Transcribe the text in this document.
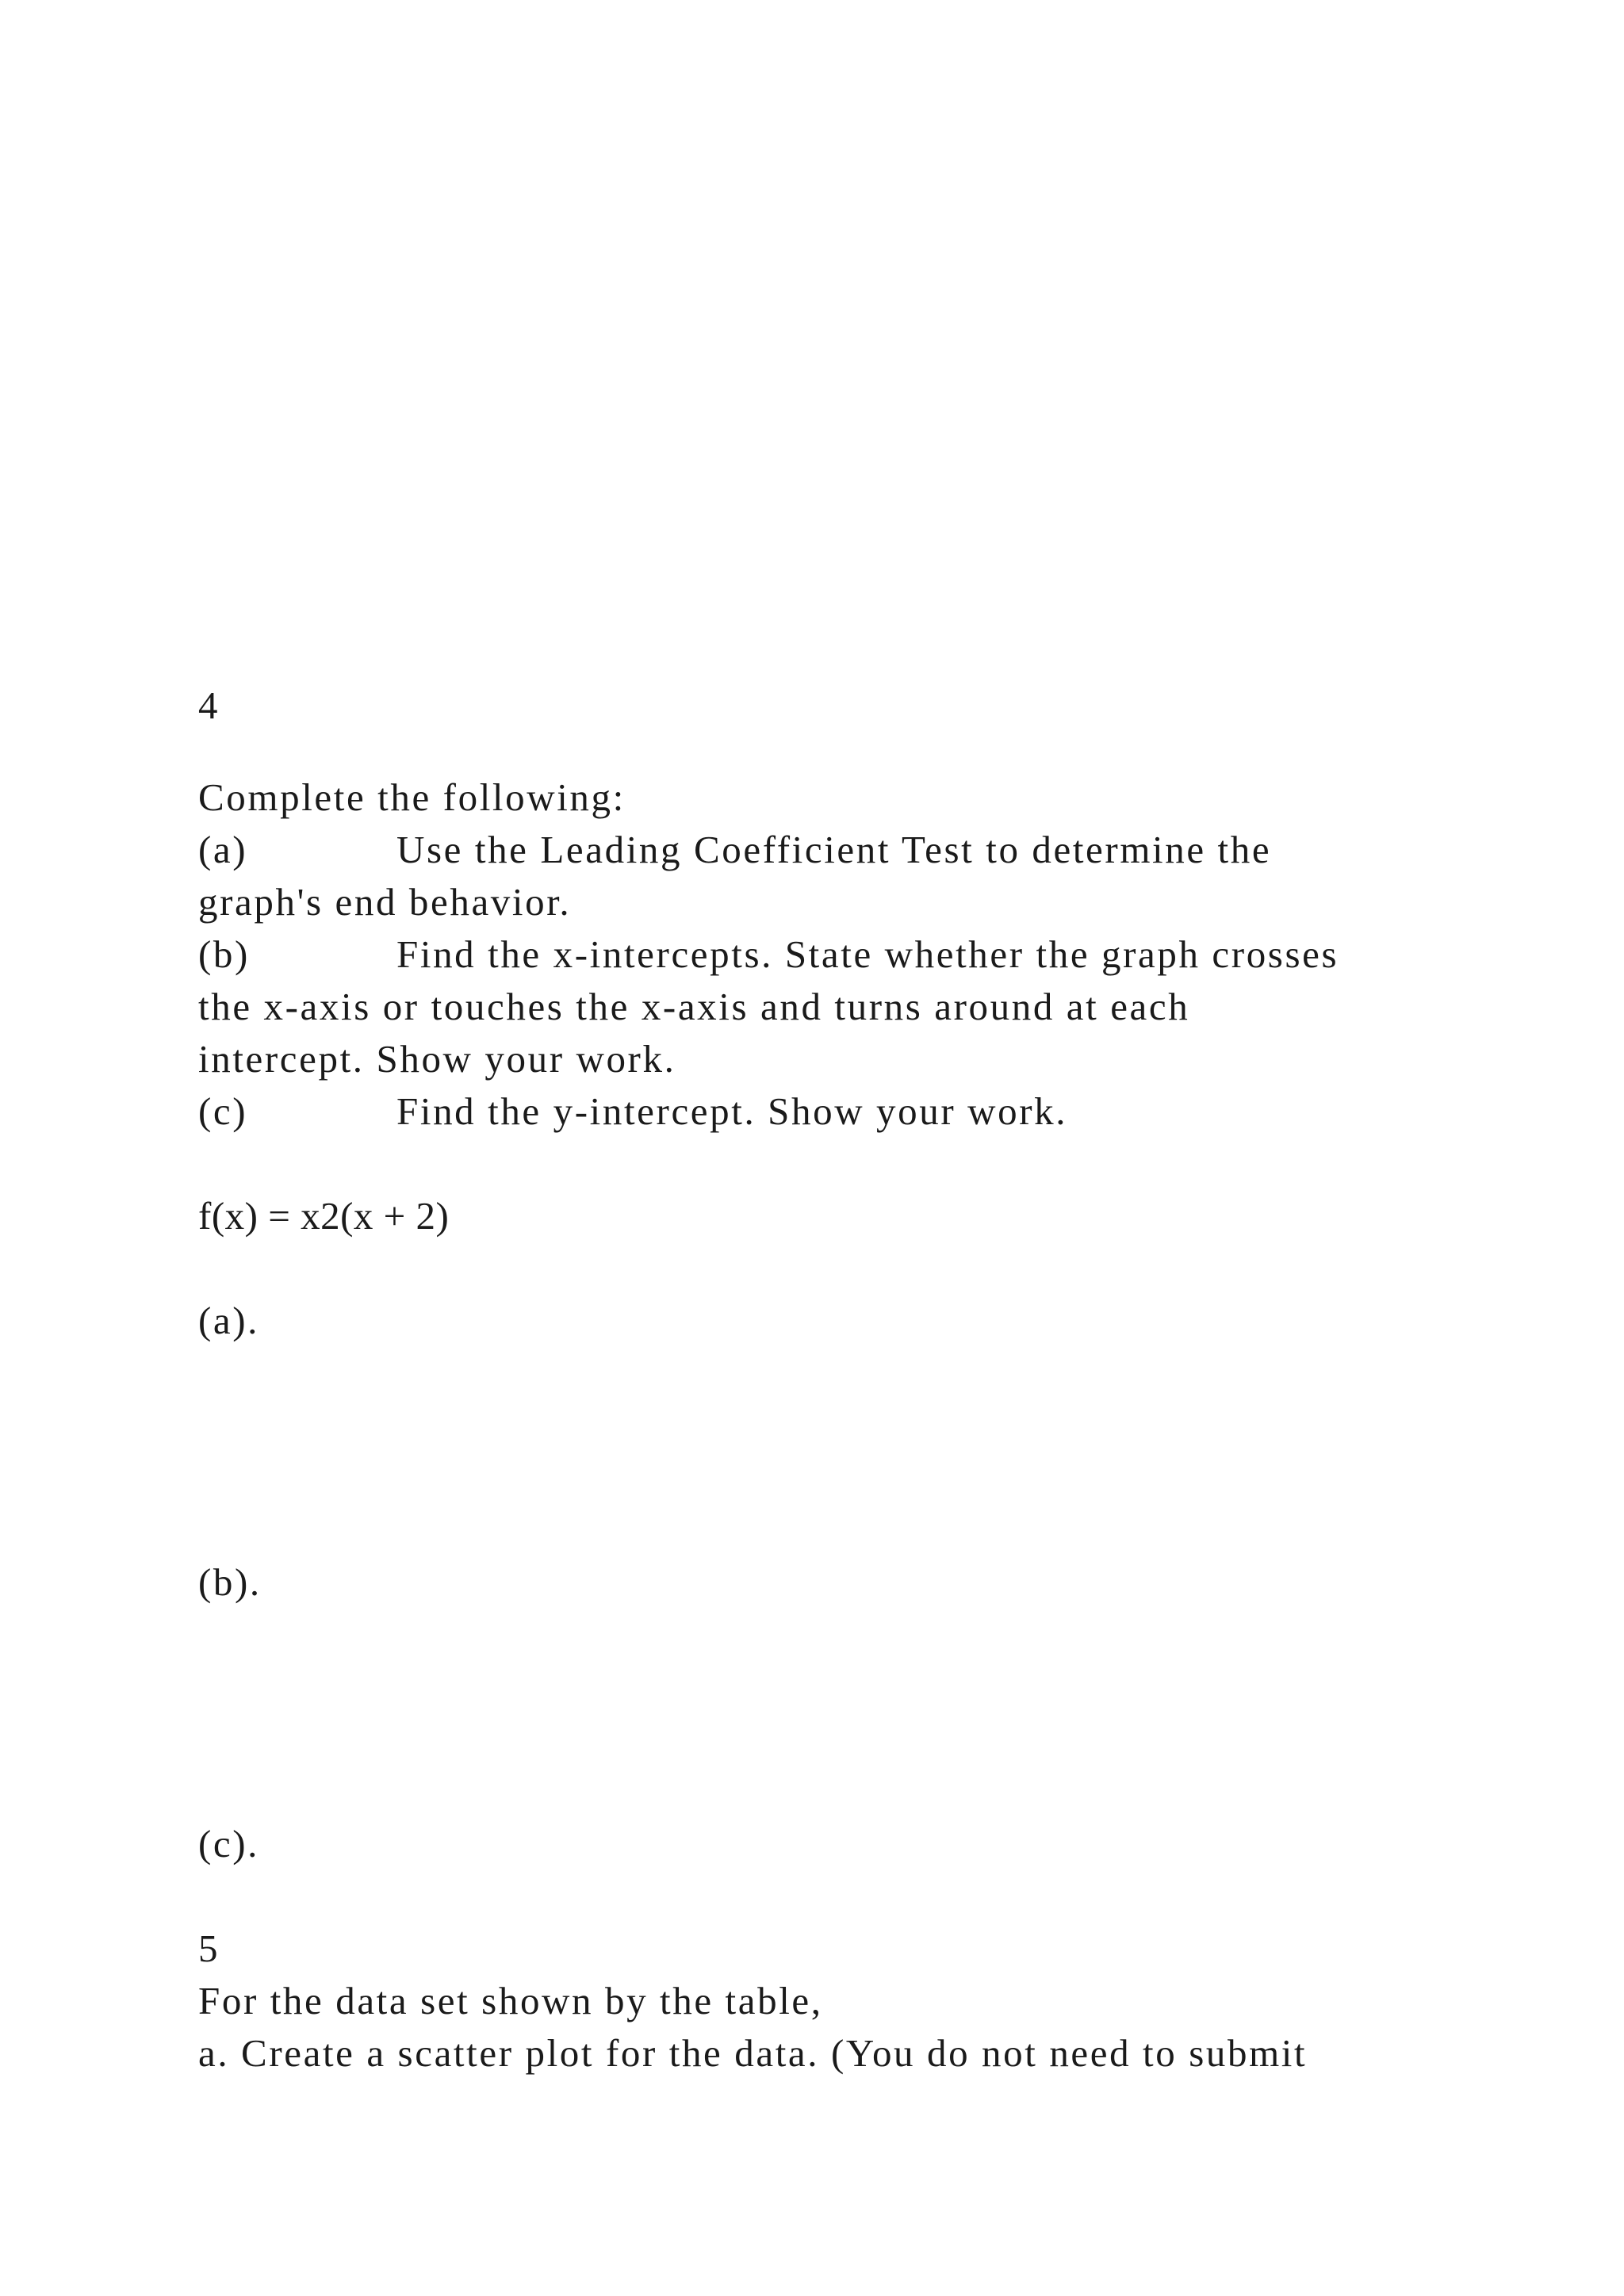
4
Complete the following:
(a)	Use the Leading Coefficient Test to determine the
graph's end behavior.
(b)	Find the x-intercepts. State whether the graph crosses
the x-axis or touches the x-axis and turns around at each
intercept. Show your work.
(c)	Find the y-intercept. Show your work.
f(x) = x2(x + 2)
(a).
(b).
(c).
5
For the data set shown by the table,
a. Create a scatter plot for the data. (You do not need to submit
